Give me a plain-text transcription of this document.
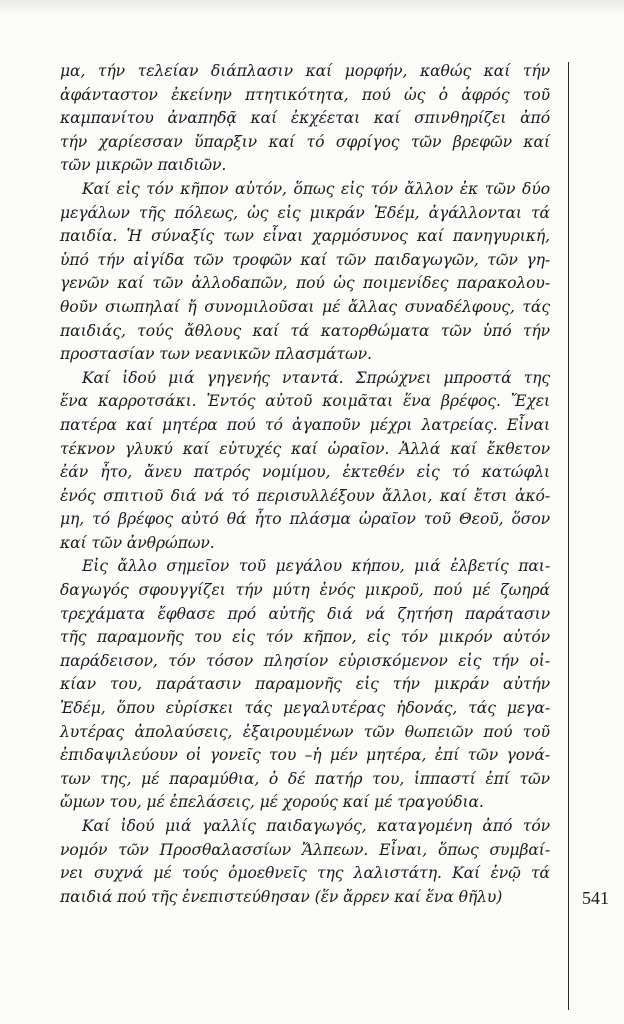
541
μα, τήν τελείαν διάπλασιν καί μορφήν, καθώς καί τήν
ἀφάνταστον ἐκείνην πτητικότητα, πού ὡς ὁ ἀφρός τοῦ
καμπανίτου ἀναπηδᾷ καί ἐκχέεται καί σπινθηρίζει ἀπό
τήν χαρίεσσαν ὕπαρξιν καί τό σφρίγος τῶν βρεφῶν καί
τῶν μικρῶν παιδιῶν.
Καί εἰς τόν κῆπον αὐτόν, ὅπως εἰς τόν ἄλλον ἐκ τῶν δύο
μεγάλων τῆς πόλεως, ὡς εἰς μικράν Ἐδέμ, ἀγάλλονται τά
παιδία. Ἡ σύναξίς των εἶναι χαρμόσυνος καί πανηγυρική,
ὑπό τήν αἰγίδα τῶν τροφῶν καί τῶν παιδαγωγῶν, τῶν γη-
γενῶν καί τῶν ἀλλοδαπῶν, πού ὡς ποιμενίδες παρακολου-
θοῦν σιωπηλαί ἤ συνομιλοῦσαι μέ ἄλλας συναδέλφους, τάς
παιδιάς, τούς ἄθλους καί τά κατορθώματα τῶν ὑπό τήν
προστασίαν των νεανικῶν πλασμάτων.
Καί ἰδού μιά γηγενής νταντά. Σπρώχνει μπροστά της
ἕνα καρροτσάκι. Ἐντός αὐτοῦ κοιμᾶται ἕνα βρέφος. Ἔχει
πατέρα καί μητέρα πού τό ἀγαποῦν μέχρι λατρείας. Εἶναι
τέκνον γλυκύ καί εὐτυχές καί ὡραῖον. Ἀλλά καί ἔκθετον
ἐάν ἦτο, ἄνευ πατρός νομίμου, ἐκτεθέν εἰς τό κατώφλι
ἑνός σπιτιοῦ διά νά τό περισυλλέξουν ἄλλοι, καί ἔτσι ἀκό-
μη, τό βρέφος αὐτό θά ἦτο πλάσμα ὡραῖον τοῦ Θεοῦ, ὅσον
καί τῶν ἀνθρώπων.
Εἰς ἄλλο σημεῖον τοῦ μεγάλου κήπου, μιά ἐλβετίς παι-
δαγωγός σφουγγίζει τήν μύτη ἑνός μικροῦ, πού μέ ζωηρά
τρεχάματα ἔφθασε πρό αὐτῆς διά νά ζητήση παράτασιν
τῆς παραμονῆς του εἰς τόν κῆπον, εἰς τόν μικρόν αὐτόν
παράδεισον, τόν τόσον πλησίον εὑρισκόμενον εἰς τήν οἰ-
κίαν του, παράτασιν παραμονῆς εἰς τήν μικράν αὐτήν
Ἐδέμ, ὅπου εὑρίσκει τάς μεγαλυτέρας ἡδονάς, τάς μεγα-
λυτέρας ἀπολαύσεις, ἐξαιρουμένων τῶν θωπειῶν πού τοῦ
ἐπιδαψιλεύουν οἱ γονεῖς του –ἡ μέν μητέρα, ἐπί τῶν γονά-
των της, μέ παραμύθια, ὁ δέ πατήρ του, ἱππαστί ἐπί τῶν
ὤμων του, μέ ἐπελάσεις, μέ χορούς καί μέ τραγούδια.
Καί ἰδού μιά γαλλίς παιδαγωγός, καταγομένη ἀπό τόν
νομόν τῶν Προσθαλασσίων Ἄλπεων. Εἶναι, ὅπως συμβαί-
νει συχνά μέ τούς ὁμοεθνεῖς της λαλιστάτη. Καί ἐνῷ τά
παιδιά πού τῆς ἐνεπιστεύθησαν (ἕν ἄρρεν καί ἕνα θῆλυ)
